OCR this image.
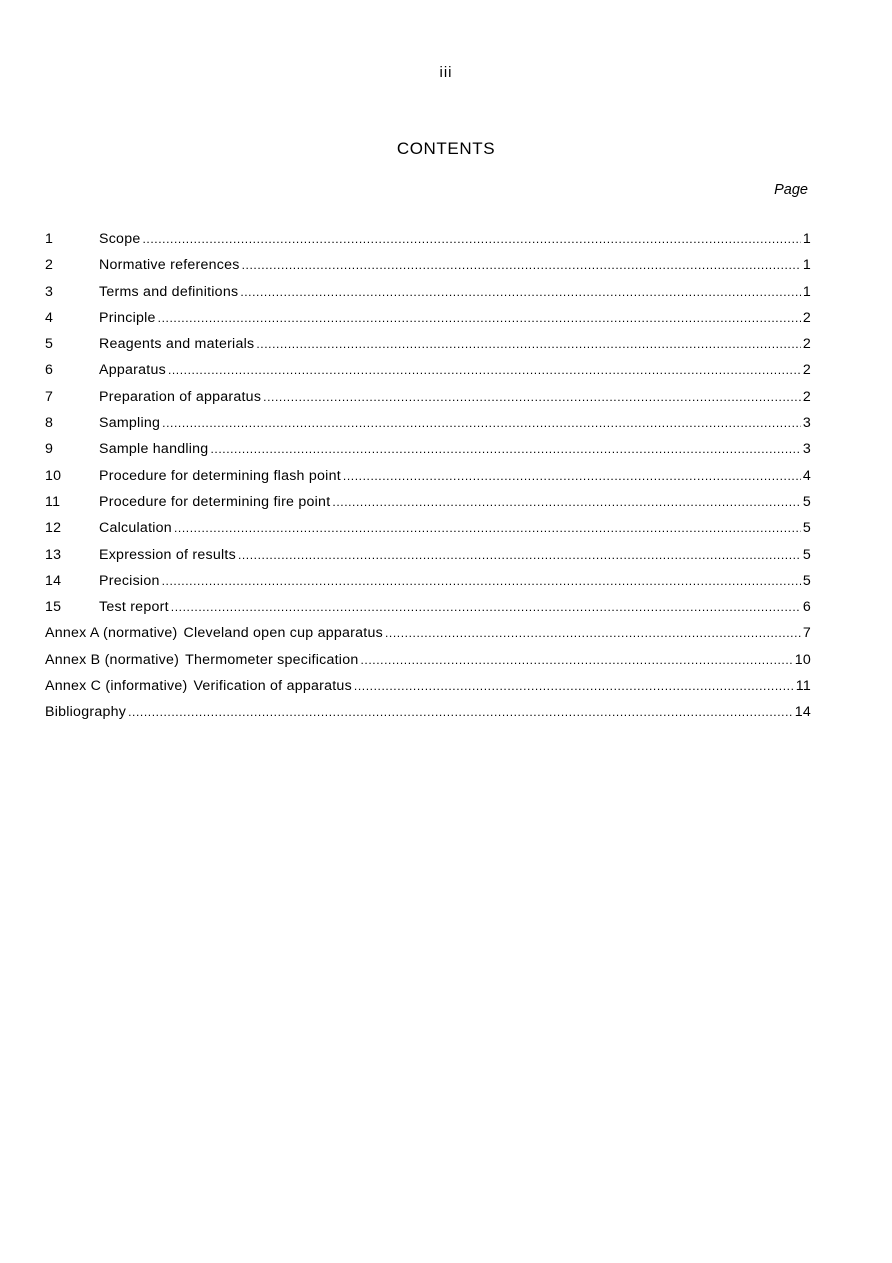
iii
CONTENTS
Page
1	Scope .....	1
2	Normative references .....	1
3	Terms and definitions .....	1
4	Principle .....	2
5	Reagents and materials .....	2
6	Apparatus .....	2
7	Preparation of apparatus .....	2
8	Sampling .....	3
9	Sample handling .....	3
10	Procedure for determining flash point .....	4
11	Procedure for determining fire point .....	5
12	Calculation .....	5
13	Expression of results .....	5
14	Precision .....	5
15	Test report .....	6
Annex A (normative) Cleveland open cup apparatus .....	7
Annex B (normative) Thermometer specification .....	10
Annex C (informative) Verification of apparatus .....	11
Bibliography .....	14
